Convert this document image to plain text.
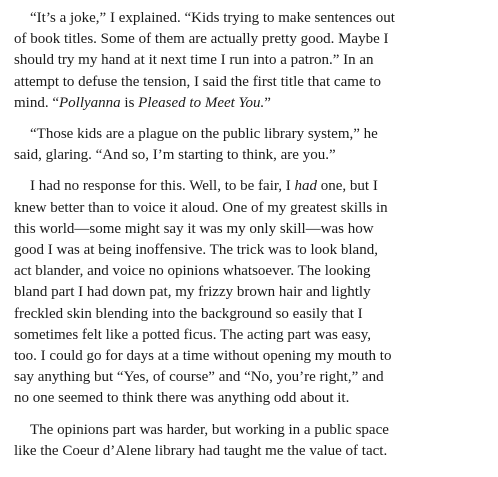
“It’s a joke,” I explained. “Kids trying to make sentences out
of book titles. Some of them are actually pretty good. Maybe I
should try my hand at it next time I run into a patron.” In an
attempt to defuse the tension, I said the first title that came to
mind. “Pollyanna is Pleased to Meet You.”

“Those kids are a plague on the public library system,” he
said, glaring. “And so, I’m starting to think, are you.”

I had no response for this. Well, to be fair, I had one, but I
knew better than to voice it aloud. One of my greatest skills in
this world—some might say it was my only skill—was how
good I was at being inoffensive. The trick was to look bland,
act blander, and voice no opinions whatsoever. The looking
bland part I had down pat, my frizzy brown hair and lightly
freckled skin blending into the background so easily that I
sometimes felt like a potted ficus. The acting part was easy,
too. I could go for days at a time without opening my mouth to
say anything but “Yes, of course” and “No, you’re right,” and
no one seemed to think there was anything odd about it.

The opinions part was harder, but working in a public space
like the Coeur d’Alene library had taught me the value of tact.
